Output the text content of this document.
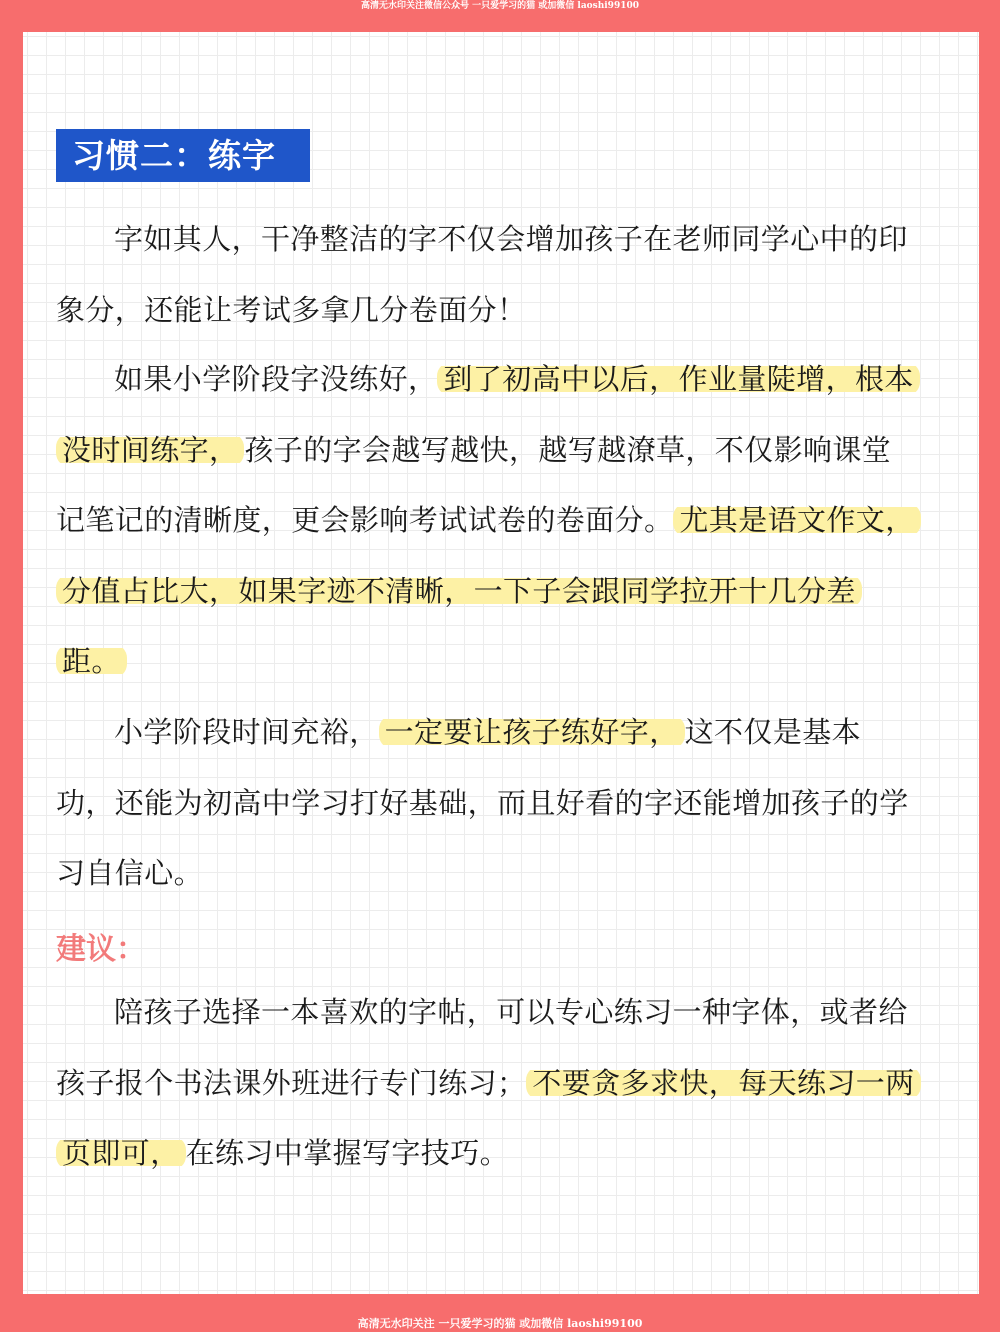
高清无水印关注微信公众号 一只爱学习的猫 或加微信 laoshi99100
习惯二：练字

字如其人，干净整洁的字不仅会增加孩子在老师同学心中的印象分，还能让考试多拿几分卷面分！

如果小学阶段字没练好， 到了初高中以后，作业量陡增，根本没时间练字， 孩子的字会越写越快，越写越潦草，不仅影响课堂记笔记的清晰度，更会影响考试试卷的卷面分。 尤其是语文作文，分值占比大，如果字迹不清晰，一下子会跟同学拉开十几分差距。

小学阶段时间充裕， 一定要让孩子练好字， 这不仅是基本功，还能为初高中学习打好基础，而且好看的字还能增加孩子的学习自信心。

建议：

陪孩子选择一本喜欢的字帖，可以专心练习一种字体，或者给孩子报个书法课外班进行专门练习； 不要贪多求快，每天练习一两页即可， 在练习中掌握写字技巧。

高清无水印关注 一只爱学习的猫 或加微信 laoshi99100
